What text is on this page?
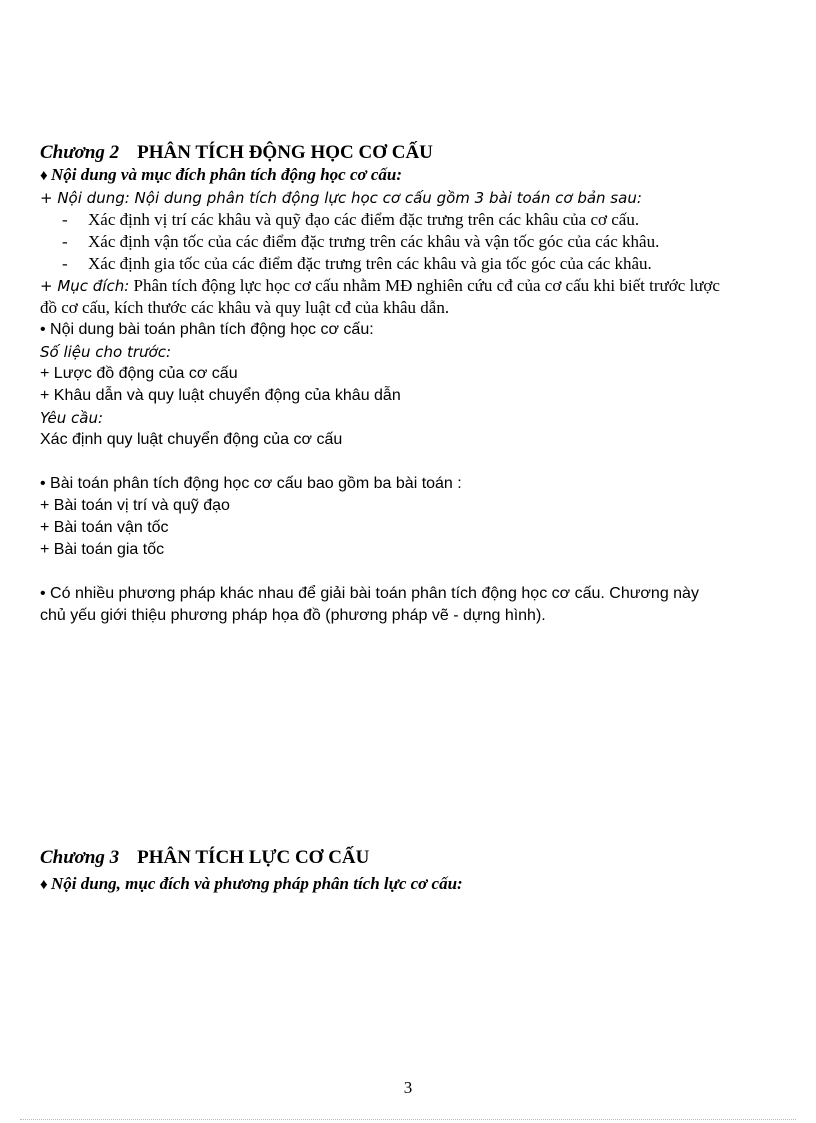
Chương 2 PHÂN TÍCH ĐỘNG HỌC CƠ CẤU
♦ Nội dung và mục đích phân tích động học cơ cấu:
+ Nội dung: Nội dung phân tích động lực học cơ cấu gồm 3 bài toán cơ bản sau:
- Xác định vị trí các khâu và quỹ đạo các điểm đặc trưng trên các khâu của cơ cấu.
- Xác định vận tốc của các điểm đặc trưng trên các khâu và vận tốc góc của các khâu.
- Xác định gia tốc của các điểm đặc trưng trên các khâu và gia tốc góc của các khâu.
+ Mục đích: Phân tích động lực học cơ cấu nhằm MĐ nghiên cứu cđ của cơ cấu khi biết trước lược
đồ cơ cấu, kích thước các khâu và quy luật cđ của khâu dẫn.
• Nội dung bài toán phân tích động học cơ cấu:
Số liệu cho trước:
+ Lược đồ động của cơ cấu
+ Khâu dẫn và quy luật chuyển động của khâu dẫn
Yêu cầu:
Xác định quy luật chuyển động của cơ cấu
• Bài toán phân tích động học cơ cấu bao gồm ba bài toán :
+ Bài toán vị trí và quỹ đạo
+ Bài toán vận tốc
+ Bài toán gia tốc
• Có nhiều phương pháp khác nhau để giải bài toán phân tích động học cơ cấu. Chương này
chủ yếu giới thiệu phương pháp họa đồ (phương pháp vẽ - dựng hình).
Chương 3 PHÂN TÍCH LỰC CƠ CẤU
♦ Nội dung, mục đích và phương pháp phân tích lực cơ cấu:
3
